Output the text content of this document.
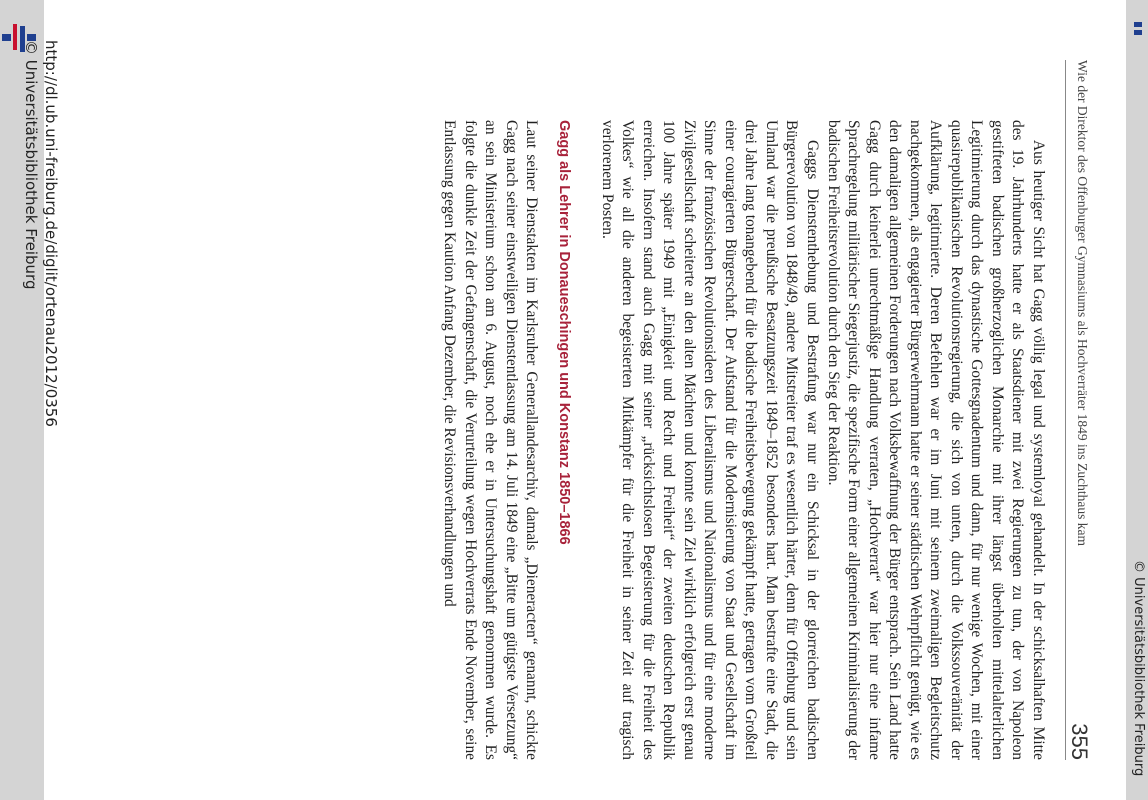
© Universitätsbibliothek Freiburg
Wie der Direktor des Offenburger Gymnasiums als Hochverräter 1849 ins Zuchthaus kam
355

Aus heutiger Sicht hat Gagg völlig legal und systemloyal gehandelt. In der schicksalhaften Mitte des 19. Jahrhunderts hatte er als Staatsdiener mit zwei Regierungen zu tun, der von Napoleon gestifteten badischen großherzoglichen Monarchie mit ihrer längst überholten mittelalterlichen Legitimierung durch das dynastische Gottesgnadentum und dann, für nur wenige Wochen, mit einer quasirepublikanischen Revolutionsregierung, die sich von unten, durch die Volkssouveränität der Aufklärung, legitimierte. Deren Befehlen war er im Juni mit seinem zweimaligen Begleitschutz nachgekommen, als engagierter Bürgerwehrmann hatte er seiner städtischen Wehrpflicht genügt, wie es den damaligen allgemeinen Forderungen nach Volksbewaffnung der Bürger entsprach. Sein Land hatte Gagg durch keinerlei unrechtmäßige Handlung verraten, „Hochverrat“ war hier nur eine infame Sprachregelung militärischer Siegerjustiz, die spezifische Form einer allgemeinen Kriminalisierung der badischen Freiheitsrevolution durch den Sieg der Reaktion.

Gaggs Dienstenthebung und Bestrafung war nur ein Schicksal in der glorreichen badischen Bürgerevolution von 1848/49, andere Mitstreiter traf es wesentlich härter, denn für Offenburg und sein Umland war die preußische Besatzungszeit 1849–1852 besonders hart. Man bestrafte eine Stadt, die drei Jahre lang tonangebend für die badische Freiheitsbewegung gekämpft hatte, getragen vom Großteil einer couragierten Bürgerschaft. Der Aufstand für die Modernisierung von Staat und Gesellschaft im Sinne der französischen Revolutionsideen des Liberalismus und Nationalismus und für eine moderne Zivilgesellschaft scheiterte an den alten Mächten und konnte sein Ziel wirklich erfolgreich erst genau 100 Jahre später 1949 mit „Einigkeit und Recht und Freiheit“ der zweiten deutschen Republik erreichen. Insofern stand auch Gagg mit seiner „rücksichtslosen Begeisterung für die Freiheit des Volkes“ wie all die anderen begeisterten Mitkämpfer für die Freiheit in seiner Zeit auf tragisch verlorenem Posten.

Gagg als Lehrer in Donaueschingen und Konstanz 1850–1866

Laut seiner Dienstakten im Karlsruher Generallandesarchiv, damals „Dieneracten“ genannt, schickte Gagg nach seiner einstweiligen Dienstentlassung am 14. Juli 1849 eine „Bitte um gütigste Versetzung“ an sein Ministerium schon am 6. August, noch ehe er in Untersuchungshaft genommen wurde. Es folgte die dunkle Zeit der Gefangenschaft, die Verurteilung wegen Hochverrats Ende November, seine Entlassung gegen Kaution Anfang Dezember, die Revisionsverhandlungen und

http://dl.ub.uni-freiburg.de/diglit/ortenau2012/0356
© Universitätsbibliothek Freiburg
